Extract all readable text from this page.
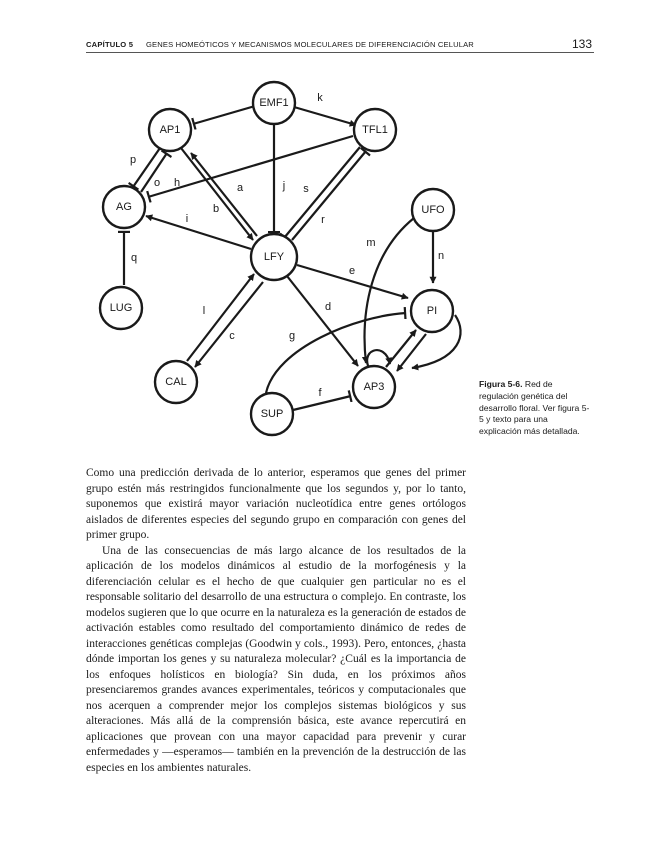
CAPÍTULO 5 GENES HOMEÓTICOS Y MECANISMOS MOLECULARES DE DIFERENCIACIÓN CELULAR	133
EMF1
AP1	TFL1
AG	UFO
LFY
LUG	PI
CAL	AP3
SUP
k
p
o h	a
b
j s
r
i
m
n
q
e
l	d
c	g
f
Figura 5-6. Red de regulación genética del desarrollo floral. Ver figura 5-5 y texto para una explicación más detallada.

Como una predicción derivada de lo anterior, esperamos que genes del primer grupo estén más restringidos funcionalmente que los segundos y, por lo tanto, suponemos que existirá mayor variación nucleotídica entre genes ortólogos aislados de diferentes especies del segundo grupo en comparación con genes del primer grupo.

Una de las consecuencias de más largo alcance de los resultados de la aplicación de los modelos dinámicos al estudio de la morfogénesis y la diferenciación celular es el hecho de que cualquier gen particular no es el responsable solitario del desarrollo de una estructura o complejo. En contraste, los modelos sugieren que lo que ocurre en la naturaleza es la generación de estados de activación estables como resultado del comportamiento dinámico de redes de interacciones genéticas complejas (Goodwin y cols., 1993). Pero, entonces, ¿hasta dónde importan los genes y su naturaleza molecular? ¿Cuál es la importancia de los enfoques holísticos en biología? Sin duda, en los próximos años presenciaremos grandes avances experimentales, teóricos y computacionales que nos acerquen a comprender mejor los complejos sistemas biológicos y sus alteraciones. Más allá de la comprensión básica, este avance repercutirá en aplicaciones que provean con una mayor capacidad para prevenir y curar enfermedades y —esperamos— también en la prevención de la destrucción de las especies en los ambientes naturales.
